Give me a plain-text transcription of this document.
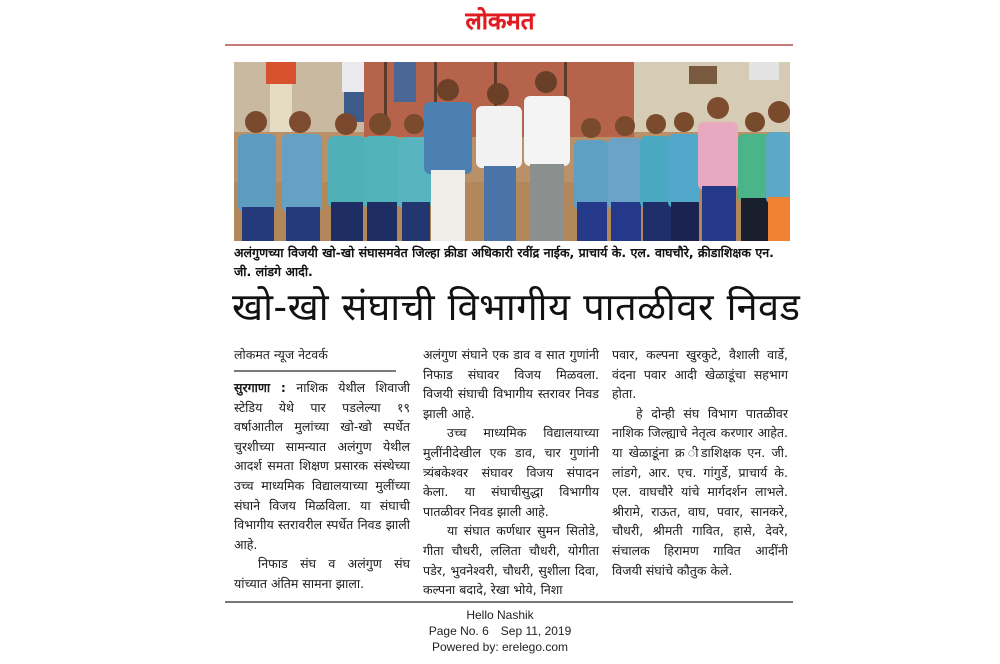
लोकमत
अलंगुणच्या विजयी खो-खो संघासमवेत जिल्हा क्रीडा अधिकारी रवींद्र नाईक, प्राचार्य के. एल. वाघचौरे, क्रीडाशिक्षक एन. जी. लांडगे आदी.
खो-खो संघाची विभागीय पातळीवर निवड
लोकमत न्यूज नेटवर्क

सुरगाणा : नाशिक येथील शिवाजी स्टेडिय येथे पार पडलेल्या १९ वर्षाआतील मुलांच्या खो-खो स्पर्धेत चुरशीच्या सामन्यात अलंगुण येथील आदर्श समता शिक्षण प्रसारक संस्थेच्या उच्च माध्यमिक विद्यालयाच्या मुलींच्या संघाने विजय मिळविला. या संघाची विभागीय स्तरावरील स्पर्धेत निवड झाली आहे.

निफाड संघ व अलंगुण संघ यांच्यात अंतिम सामना झाला.

अलंगुण संघाने एक डाव व सात गुणांनी निफाड संघावर विजय मिळवला. विजयी संघाची विभागीय स्तरावर निवड झाली आहे.

उच्च माध्यमिक विद्यालयाच्या मुलींनीदेखील एक डाव, चार गुणांनी त्र्यंबकेश्वर संघावर विजय संपादन केला. या संघाचीसुद्धा विभागीय पातळीवर निवड झाली आहे.

या संघात कर्णधार सुमन सितोडे, गीता चौधरी, ललिता चौधरी, योगीता पडेर, भुवनेश्वरी, चौधरी, सुशीला दिवा, कल्पना बदादे, रेखा भोये, निशा

पवार, कल्पना खुरकुटे, वैशाली वार्डे, वंदना पवार आदी खेळाडूंचा सहभाग होता.

हे दोन्ही संघ विभाग पातळीवर नाशिक जिल्ह्याचे नेतृत्व करणार आहेत. या खेळाडूंना क्र ीडाशिक्षक एन. जी. लांडगे, आर. एच. गांगुर्डे, प्राचार्य के. एल. वाघचौरे यांचे मार्गदर्शन लाभले. श्रीरामे, राऊत, वाघ, पवार, सानकरे, चौधरी, श्रीमती गावित, हासे, देवरे, संचालक हिरामण गावित आदींनी विजयी संघांचे कौतुक केले.

Hello Nashik
Page No. 6 Sep 11, 2019
Powered by: erelego.com
